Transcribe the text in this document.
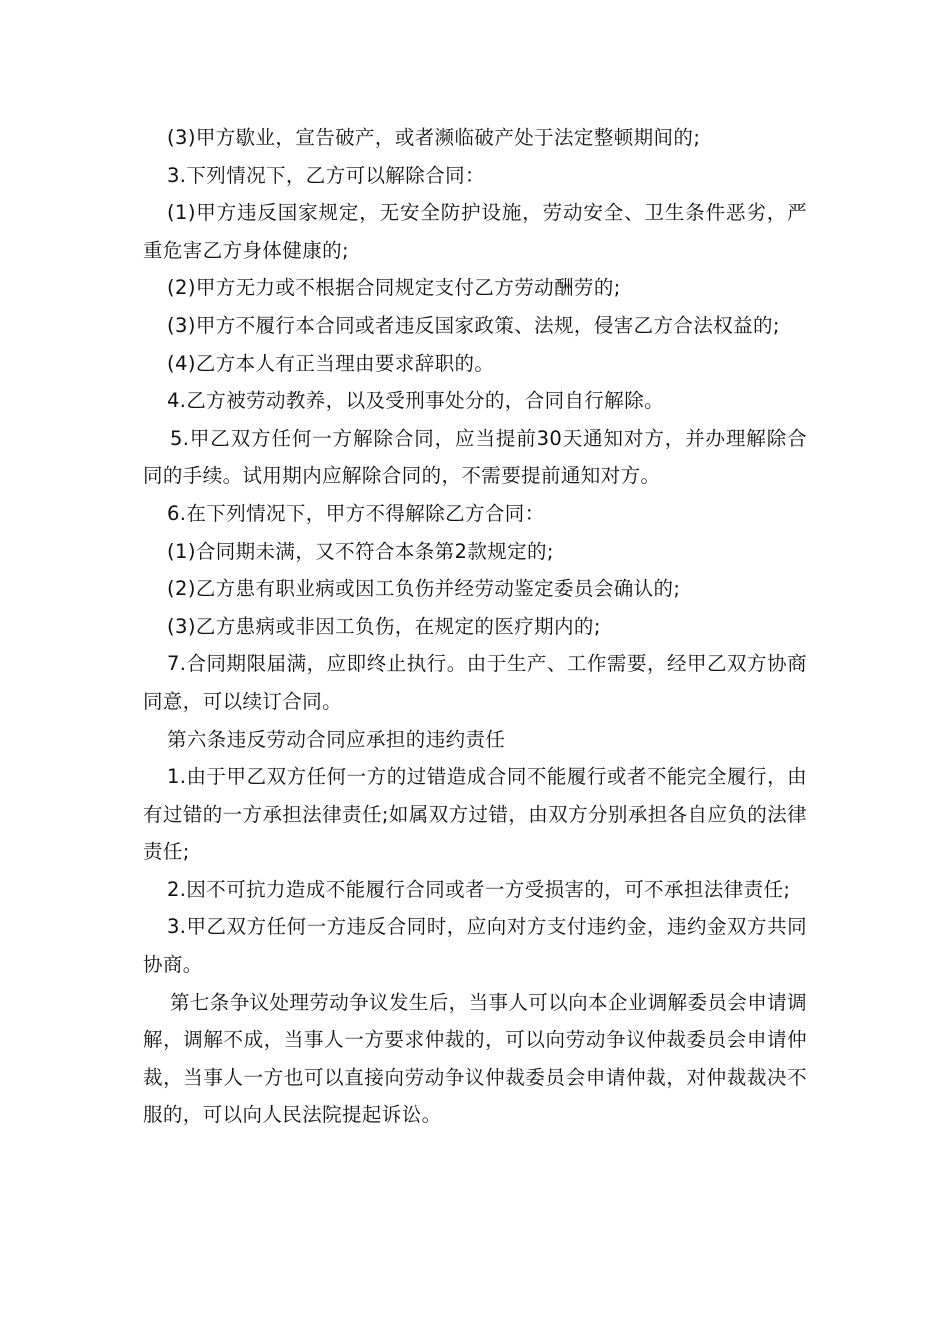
(3)甲方歇业，宣告破产，或者濒临破产处于法定整顿期间的;

3.下列情况下，乙方可以解除合同：

(1)甲方违反国家规定，无安全防护设施，劳动安全、卫生条件恶劣，严重危害乙方身体健康的;

(2)甲方无力或不根据合同规定支付乙方劳动酬劳的;

(3)甲方不履行本合同或者违反国家政策、法规，侵害乙方合法权益的;

(4)乙方本人有正当理由要求辞职的。

4.乙方被劳动教养，以及受刑事处分的，合同自行解除。

5.甲乙双方任何一方解除合同，应当提前30天通知对方，并办理解除合同的手续。试用期内应解除合同的，不需要提前通知对方。

6.在下列情况下，甲方不得解除乙方合同：

(1)合同期未满，又不符合本条第2款规定的;

(2)乙方患有职业病或因工负伤并经劳动鉴定委员会确认的;

(3)乙方患病或非因工负伤，在规定的医疗期内的;

7.合同期限届满，应即终止执行。由于生产、工作需要，经甲乙双方协商同意，可以续订合同。

第六条违反劳动合同应承担的违约责任

1.由于甲乙双方任何一方的过错造成合同不能履行或者不能完全履行，由有过错的一方承担法律责任;如属双方过错，由双方分别承担各自应负的法律责任;

2.因不可抗力造成不能履行合同或者一方受损害的，可不承担法律责任;

3.甲乙双方任何一方违反合同时，应向对方支付违约金，违约金双方共同协商。

第七条争议处理劳动争议发生后，当事人可以向本企业调解委员会申请调解，调解不成，当事人一方要求仲裁的，可以向劳动争议仲裁委员会申请仲裁，当事人一方也可以直接向劳动争议仲裁委员会申请仲裁，对仲裁裁决不服的，可以向人民法院提起诉讼。
